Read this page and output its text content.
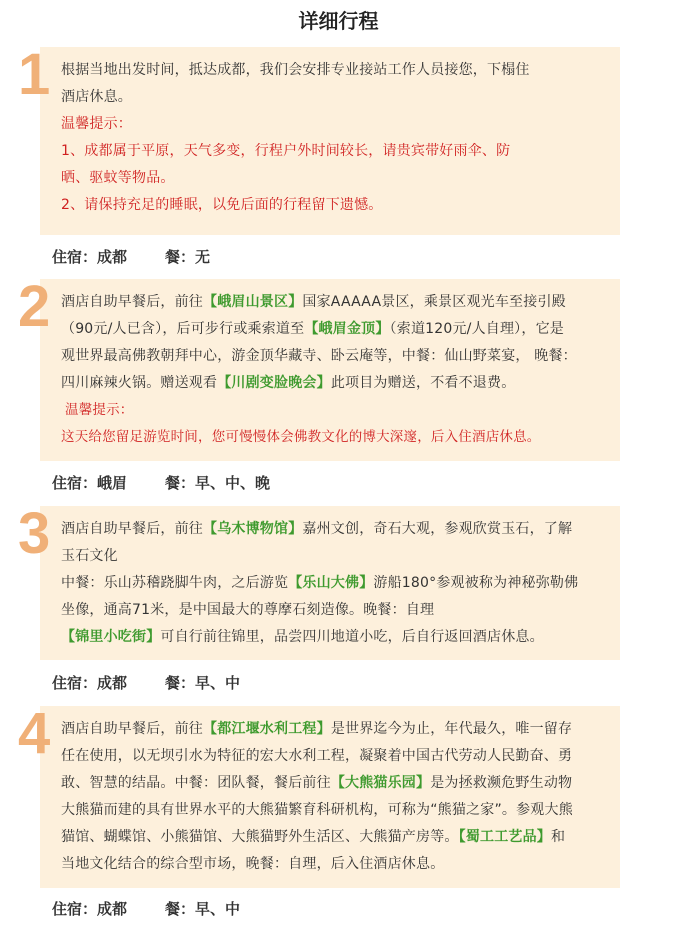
详细行程
1 根据当地出发时间，抵达成都，我们会安排专业接站工作人员接您，下榻住

酒店休息。

温馨提示：

1、成都属于平原，天气多变，行程户外时间较长，请贵宾带好雨伞、防

晒、驱蚊等物品。

2、请保持充足的睡眠，以免后面的行程留下遗憾。

住宿：成都	餐：无
2 酒店自助早餐后，前往【峨眉山景区】国家AAAAA景区，乘景区观光车至接引殿

（90元/人已含），后可步行或乘索道至【峨眉金顶】（索道120元/人自理），它是

观世界最高佛教朝拜中心，游金顶华藏寺、卧云庵等，中餐：仙山野菜宴， 晚餐：

四川麻辣火锅。赠送观看【川剧变脸晚会】此项目为赠送，不看不退费。

温馨提示：

这天给您留足游览时间，您可慢慢体会佛教文化的博大深邃，后入住酒店休息。

住宿：峨眉	餐：早、中、晚
3 酒店自助早餐后，前往【乌木博物馆】嘉州文创，奇石大观，参观欣赏玉石，了解

玉石文化

中餐：乐山苏稽跷脚牛肉，之后游览【乐山大佛】游船180°参观被称为神秘弥勒佛

坐像，通高71米，是中国最大的尊摩石刻造像。晚餐：自理

【锦里小吃街】可自行前往锦里，品尝四川地道小吃，后自行返回酒店休息。

住宿：成都	餐：早、中
4 酒店自助早餐后，前往【都江堰水利工程】是世界迄今为止，年代最久，唯一留存

任在使用，以无坝引水为特征的宏大水利工程，凝聚着中国古代劳动人民勤奋、勇

敢、智慧的结晶。中餐：团队餐，餐后前往【大熊猫乐园】是为拯救濒危野生动物

大熊猫而建的具有世界水平的大熊猫繁育科研机构，可称为“熊猫之家”。参观大熊

猫馆、蝴蝶馆、小熊猫馆、大熊猫野外生活区、大熊猫产房等。【蜀工工艺品】和

当地文化结合的综合型市场，晚餐：自理，后入住酒店休息。

住宿：成都	餐：早、中
